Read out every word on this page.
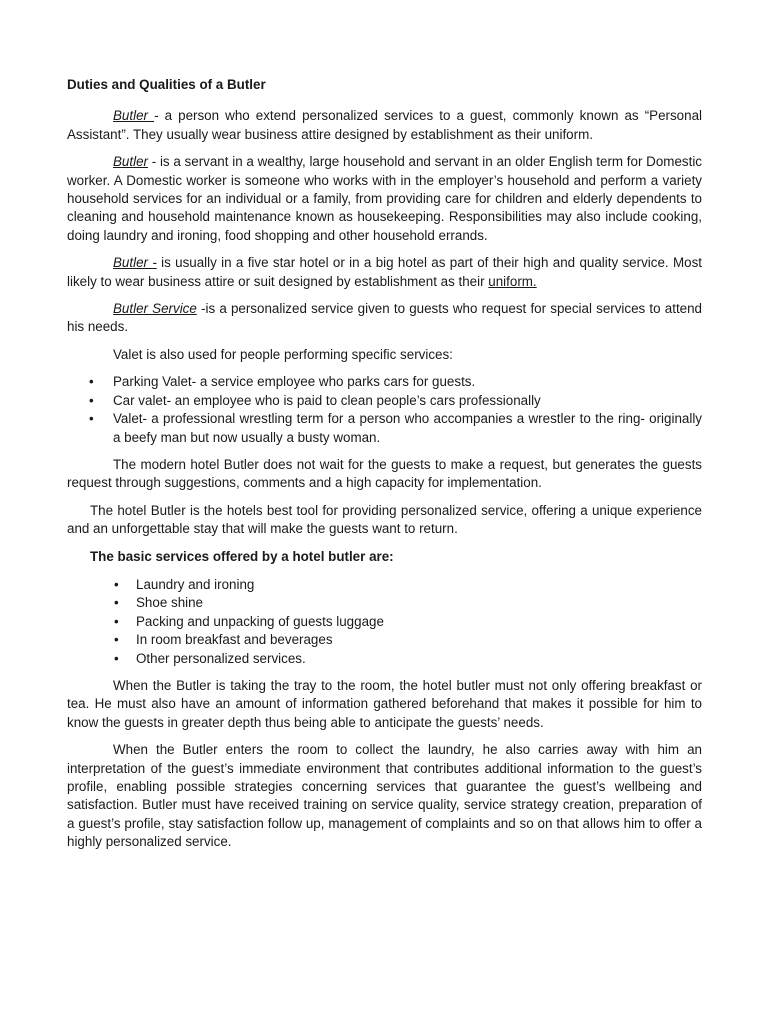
Duties and Qualities of a Butler

Butler - a person who extend personalized services to a guest, commonly known as “Personal Assistant”. They usually wear business attire designed by establishment as their uniform.

Butler - is a servant in a wealthy, large household and servant in an older English term for Domestic worker. A Domestic worker is someone who works with in the employer’s household and perform a variety household services for an individual or a family, from providing care for children and elderly dependents to cleaning and household maintenance known as housekeeping. Responsibilities may also include cooking, doing laundry and ironing, food shopping and other household errands.

Butler - is usually in a five star hotel or in a big hotel as part of their high and quality service. Most likely to wear business attire or suit designed by establishment as their uniform.

Butler Service -is a personalized service given to guests who request for special services to attend his needs.

Valet is also used for people performing specific services:

• Parking Valet- a service employee who parks cars for guests.
• Car valet- an employee who is paid to clean people’s cars professionally
• Valet- a professional wrestling term for a person who accompanies a wrestler to the ring- originally a beefy man but now usually a busty woman.

The modern hotel Butler does not wait for the guests to make a request, but generates the guests request through suggestions, comments and a high capacity for implementation.

The hotel Butler is the hotels best tool for providing personalized service, offering a unique experience and an unforgettable stay that will make the guests want to return.

The basic services offered by a hotel butler are:
• Laundry and ironing
• Shoe shine
• Packing and unpacking of guests luggage
• In room breakfast and beverages
• Other personalized services.

When the Butler is taking the tray to the room, the hotel butler must not only offering breakfast or tea. He must also have an amount of information gathered beforehand that makes it possible for him to know the guests in greater depth thus being able to anticipate the guests’ needs.

When the Butler enters the room to collect the laundry, he also carries away with him an interpretation of the guest’s immediate environment that contributes additional information to the guest’s profile, enabling possible strategies concerning services that guarantee the guest’s wellbeing and satisfaction. Butler must have received training on service quality, service strategy creation, preparation of a guest’s profile, stay satisfaction follow up, management of complaints and so on that allows him to offer a highly personalized service.
